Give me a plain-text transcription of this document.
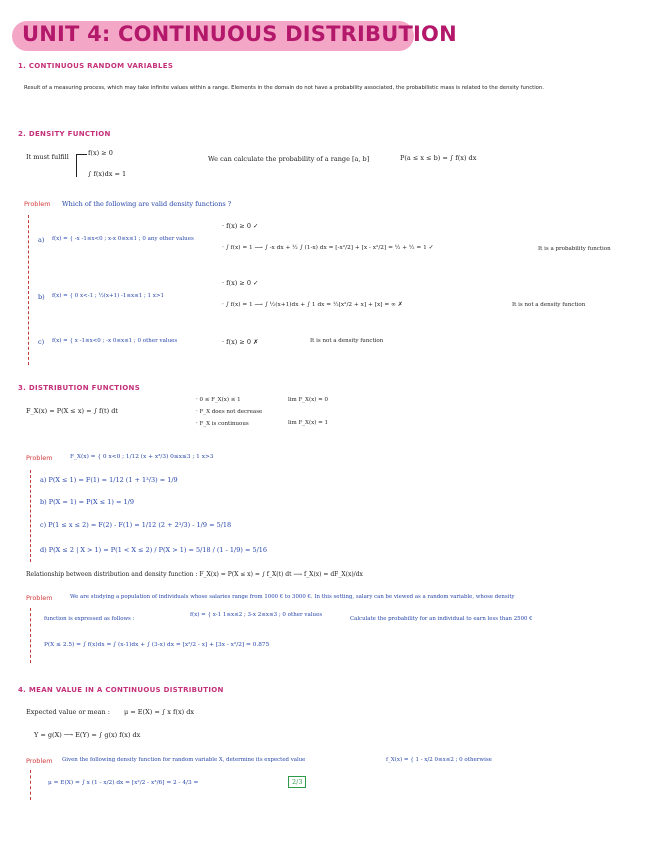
UNIT 4: CONTINUOUS DISTRIBUTION
1. CONTINUOUS RANDOM VARIABLES
Result of a measuring process, which may take infinite values within a range. Elements in the domain do not have a probability associated, the probabilistic mass is related to the density function.
2. DENSITY FUNCTION
It must fulfill	f(x) ≥ 0
∫ f(x)dx = 1
We can calculate the probability of a range [a, b]	P(a ≤ x ≤ b) = ∫ f(x) dx
Problem Which of the following are valid density functions ?
a) f(x) = { -x -1≤x<0 ; x-x 0≤x≤1 ; 0 any other values
· f(x) ≥ 0 ✓
· ∫ f(x) = 1 ⟶ ∫ -x dx + ½ ∫ (1-x) dx = [-x²/2] + [x - x²/2] = ½ + ½ = 1 ✓	It is a probability function
b) f(x) = { 0 x<-1 ; ½(x+1) -1≤x≤1 ; 1 x>1
· f(x) ≥ 0 ✓
· ∫ f(x) = 1 ⟶ ∫ ½(x+1)dx + ∫ 1 dx = ½[x²/2 + x] + [x] = ∞ ✗	It is not a density function
c) f(x) = { x -1≤x<0 ; -x 0≤x≤1 ; 0 other values	· f(x) ≥ 0 ✗	It is not a density function
3. DISTRIBUTION FUNCTIONS
F_X(x) = P(X ≤ x) = ∫ f(t) dt
· 0 ≤ F_X(x) ≤ 1
· F_X does not decrease
· F_X is continuous
lim F_X(x) = 0
lim F_X(x) = 1
Problem	F_X(x) = { 0 x<0 ; 1/12 (x + x³/3) 0≤x≤3 ; 1 x>3
a) P(X ≤ 1) = F(1) = 1/12 (1 + 1³/3) = 1/9
b) P(X = 1) = P(X ≤ 1) = 1/9
c) P(1 ≤ x ≤ 2) = F(2) - F(1) = 1/12 (2 + 2³/3) - 1/9 = 5/18
d) P(X ≤ 2 | X > 1) = P(1 < X ≤ 2) / P(X > 1) = 5/18 / (1 - 1/9) = 5/16
Relationship between distribution and density function : F_X(x) = P(X ≤ x) = ∫ f_X(t) dt ⟶ f_X(x) = dF_X(x)/dx
Problem	We are studying a population of individuals whose salaries range from 1000 € to 3000 €. In this setting, salary can be viewed as a random variable, whose density
function is expressed as follows :
f(x) = { x-1 1≤x≤2 ; 3-x 2≤x≤3 ; 0 other values
Calculate the probability for an individual to earn less than 2500 €
P(X ≤ 2.5) = ∫ f(x)dx = ∫ (x-1)dx + ∫ (3-x) dx = [x²/2 - x] + [3x - x²/2] = 0.875
4. MEAN VALUE IN A CONTINUOUS DISTRIBUTION
Expected value or mean : μ = E(X) = ∫ x f(x) dx
Y = g(X) ⟶ E(Y) = ∫ g(x) f(x) dx
Problem Given the following density function for random variable X, determine its expected value	f_X(x) = { 1 - x/2 0≤x≤2 ; 0 otherwise
μ = E(X) = ∫ x (1 - x/2) dx = [x²/2 - x³/6] = 2 - 4/3 =	2/3
